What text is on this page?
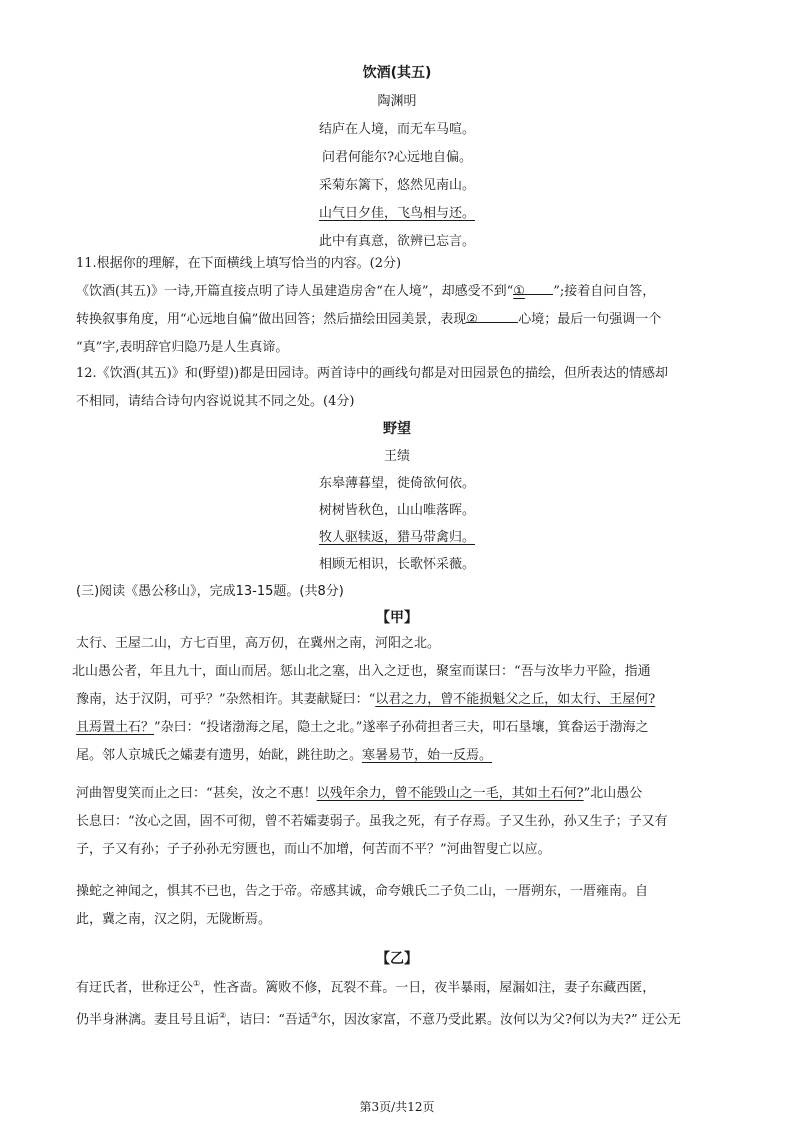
饮酒(其五)
陶渊明
结庐在人境，而无车马喧。
问君何能尔?心远地自偏。
采菊东篱下，悠然见南山。
山气日夕佳，飞鸟相与还。
此中有真意，欲辨已忘言。
11.根据你的理解，在下面横线上填写恰当的内容。(2分)
《饮酒(其五)》一诗,开篇直接点明了诗人虽建造房舍“在人境”，却感受不到“① ”;接着自问自答，
转换叙事角度，用“心远地自偏”做出回答；然后描绘田园美景，表现②	心境；最后一句强调一个
“真”字,表明辞官归隐乃是人生真谛。
12.《饮酒(其五)》和(野望))都是田园诗。两首诗中的画线句都是对田园景色的描绘，但所表达的情感却
不相同，请结合诗句内容说说其不同之处。(4分)
野望
王绩
东皋薄暮望，徙倚欲何依。
树树皆秋色，山山唯落晖。
牧人驱犊返，猎马带禽归。
相顾无相识，长歌怀采薇。
(三)阅读《愚公移山》，完成13-15题。(共8分)
【甲】
太行、王屋二山，方七百里，高万仞，在冀州之南，河阳之北。
北山愚公者，年且九十，面山而居。惩山北之塞，出入之迂也，聚室而谋曰：“吾与汝毕力平险，指通
豫南，达于汉阴，可乎？”杂然相许。其妻献疑曰：“以君之力，曾不能损魁父之丘，如太行、王屋何?
且焉置土石？”杂曰：“投诸渤海之尾，隐土之北。”遂率子孙荷担者三夫，叩石垦壤，箕畚运于渤海之
尾。邻人京城氏之孀妻有遗男，始龀，跳往助之。寒暑易节，始一反焉。
河曲智叟笑而止之曰：“甚矣，汝之不惠！以残年余力，曾不能毁山之一毛，其如土石何?”北山愚公
长息曰：“汝心之固，固不可彻，曾不若孀妻弱子。虽我之死，有子存焉。子又生孙，孙又生子；子又有
子，子又有孙；子子孙孙无穷匮也，而山不加增，何苦而不平？”河曲智叟亡以应。
操蛇之神闻之，惧其不已也，告之于帝。帝感其诚，命夸娥氏二子负二山，一厝朔东，一厝雍南。自
此，冀之南，汉之阴，无陇断焉。
【乙】
有迂氏者，世称迂公①，性吝啬。篱败不修，瓦裂不葺。一日，夜半暴雨，屋漏如注，妻子东藏西匿，
仍半身淋漓。妻且号且诟②，诘曰：“吾适③尔，因汝家富，不意乃受此累。汝何以为父?何以为夫?” 迂公无
第3页/共12页
